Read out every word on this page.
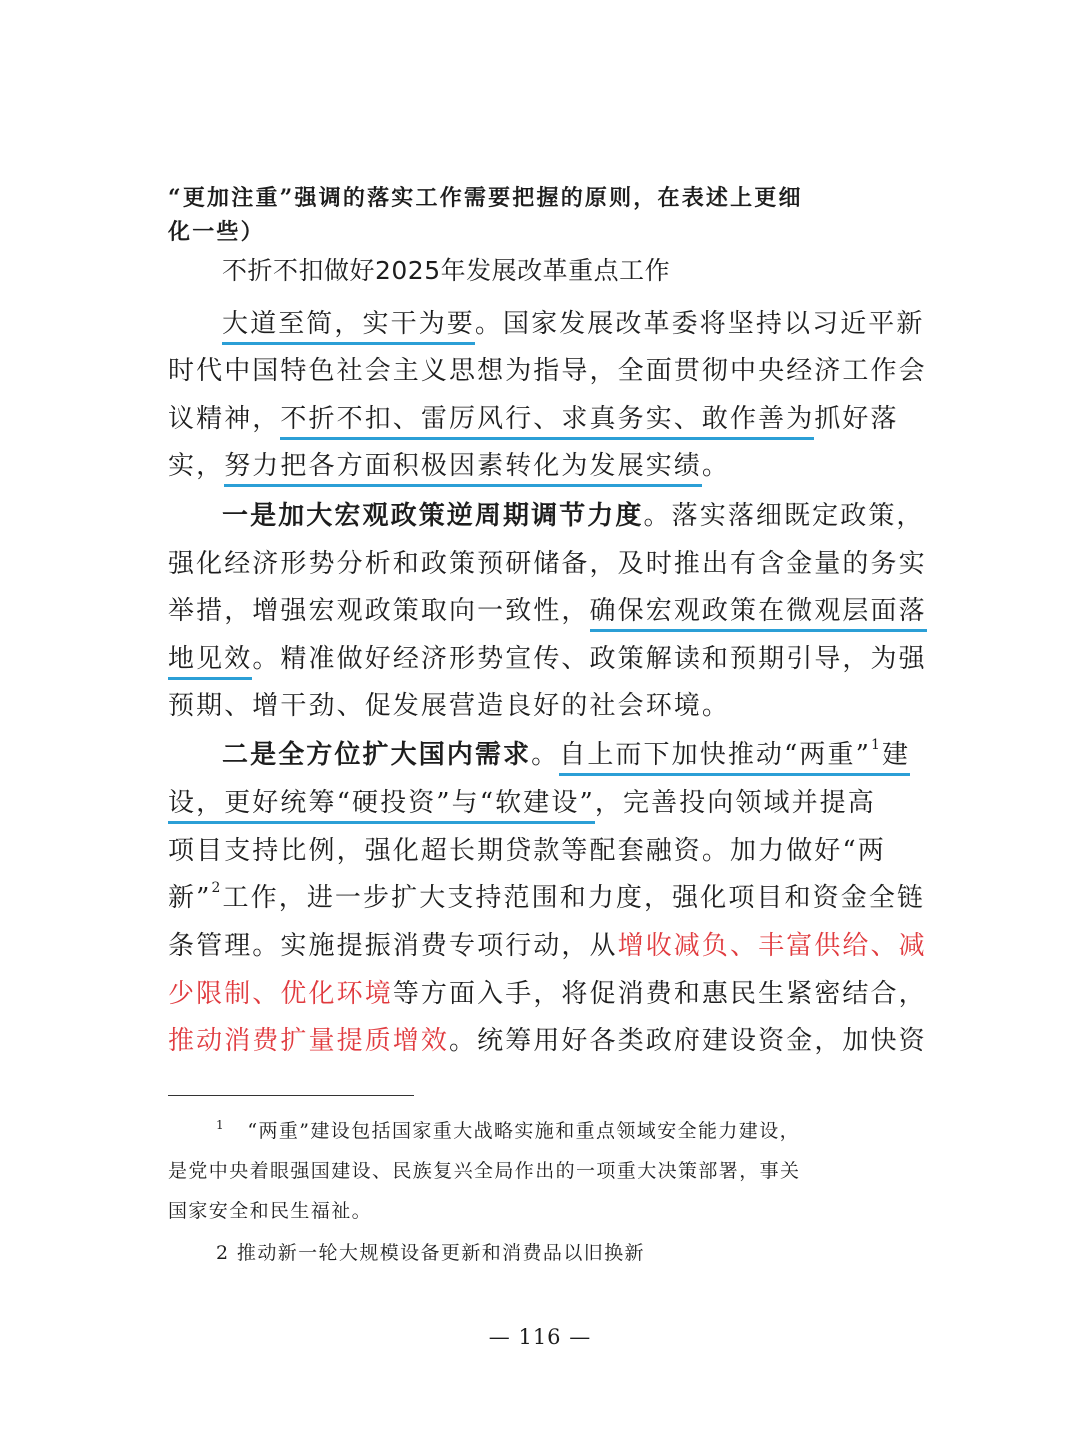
“更加注重”强调的落实工作需要把握的原则，在表述上更细
化一些）
不折不扣做好2025年发展改革重点工作
大道至简，实干为要。国家发展改革委将坚持以习近平新
时代中国特色社会主义思想为指导，全面贯彻中央经济工作会
议精神，不折不扣、雷厉风行、求真务实、敢作善为抓好落
实，努力把各方面积极因素转化为发展实绩。
一是加大宏观政策逆周期调节力度。落实落细既定政策，
强化经济形势分析和政策预研储备，及时推出有含金量的务实
举措，增强宏观政策取向一致性，确保宏观政策在微观层面落
地见效。精准做好经济形势宣传、政策解读和预期引导，为强
预期、增干劲、促发展营造良好的社会环境。
二是全方位扩大国内需求。自上而下加快推动“两重”$^1$建
设，更好统筹“硬投资”与“软建设”，完善投向领域并提高
项目支持比例，强化超长期贷款等配套融资。加力做好“两
新”$^2$工作，进一步扩大支持范围和力度，强化项目和资金全链
条管理。实施提振消费专项行动，从增收减负、丰富供给、减
少限制、优化环境等方面入手，将促消费和惠民生紧密结合，
推动消费扩量提质增效。统筹用好各类政府建设资金，加快资
$^1$ “两重”建设包括国家重大战略实施和重点领域安全能力建设，
是党中央着眼强国建设、民族复兴全局作出的一项重大决策部署，事关
国家安全和民生福祉。
2 推动新一轮大规模设备更新和消费品以旧换新
— 116 —
